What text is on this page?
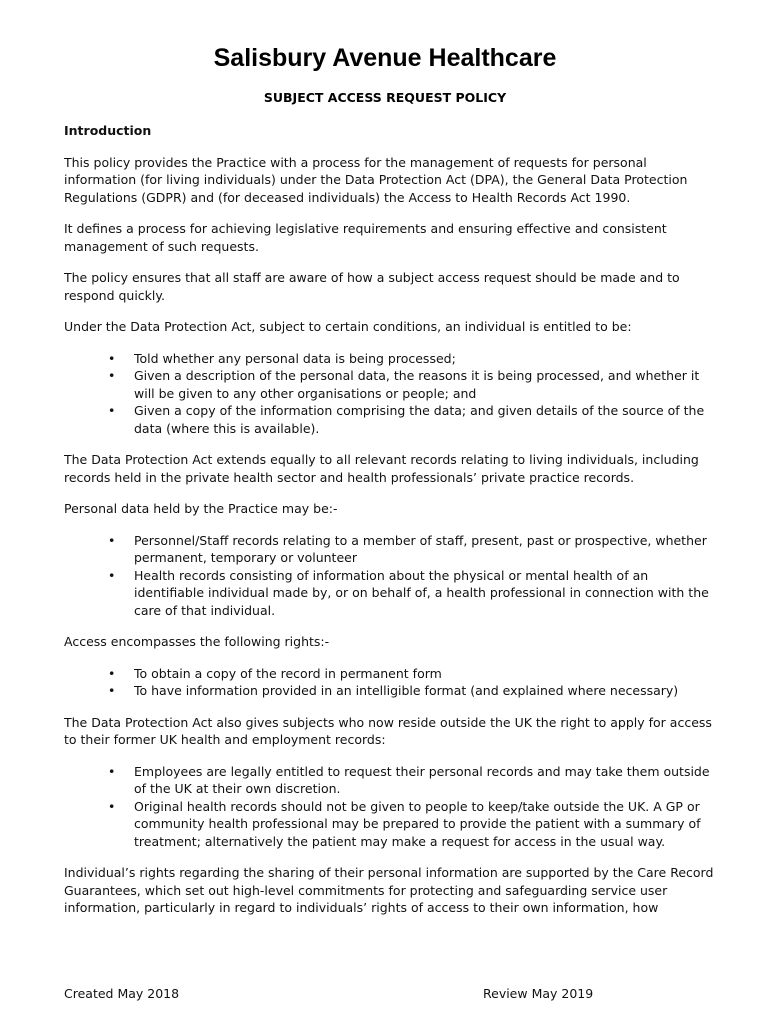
Salisbury Avenue Healthcare
SUBJECT ACCESS REQUEST POLICY

Introduction

This policy provides the Practice with a process for the management of requests for personal information (for living individuals) under the Data Protection Act (DPA), the General Data Protection Regulations (GDPR) and (for deceased individuals) the Access to Health Records Act 1990.

It defines a process for achieving legislative requirements and ensuring effective and consistent management of such requests.

The policy ensures that all staff are aware of how a subject access request should be made and to respond quickly.

Under the Data Protection Act, subject to certain conditions, an individual is entitled to be:

• Told whether any personal data is being processed;
• Given a description of the personal data, the reasons it is being processed, and whether it will be given to any other organisations or people; and
• Given a copy of the information comprising the data; and given details of the source of the data (where this is available).

The Data Protection Act extends equally to all relevant records relating to living individuals, including records held in the private health sector and health professionals’ private practice records.

Personal data held by the Practice may be:-

• Personnel/Staff records relating to a member of staff, present, past or prospective, whether permanent, temporary or volunteer
• Health records consisting of information about the physical or mental health of an identifiable individual made by, or on behalf of, a health professional in connection with the care of that individual.

Access encompasses the following rights:-

• To obtain a copy of the record in permanent form
• To have information provided in an intelligible format (and explained where necessary)

The Data Protection Act also gives subjects who now reside outside the UK the right to apply for access to their former UK health and employment records:

• Employees are legally entitled to request their personal records and may take them outside of the UK at their own discretion.
• Original health records should not be given to people to keep/take outside the UK. A GP or community health professional may be prepared to provide the patient with a summary of treatment; alternatively the patient may make a request for access in the usual way.

Individual’s rights regarding the sharing of their personal information are supported by the Care Record Guarantees, which set out high-level commitments for protecting and safeguarding service user information, particularly in regard to individuals’ rights of access to their own information, how

Created May 2018	Review May 2019
